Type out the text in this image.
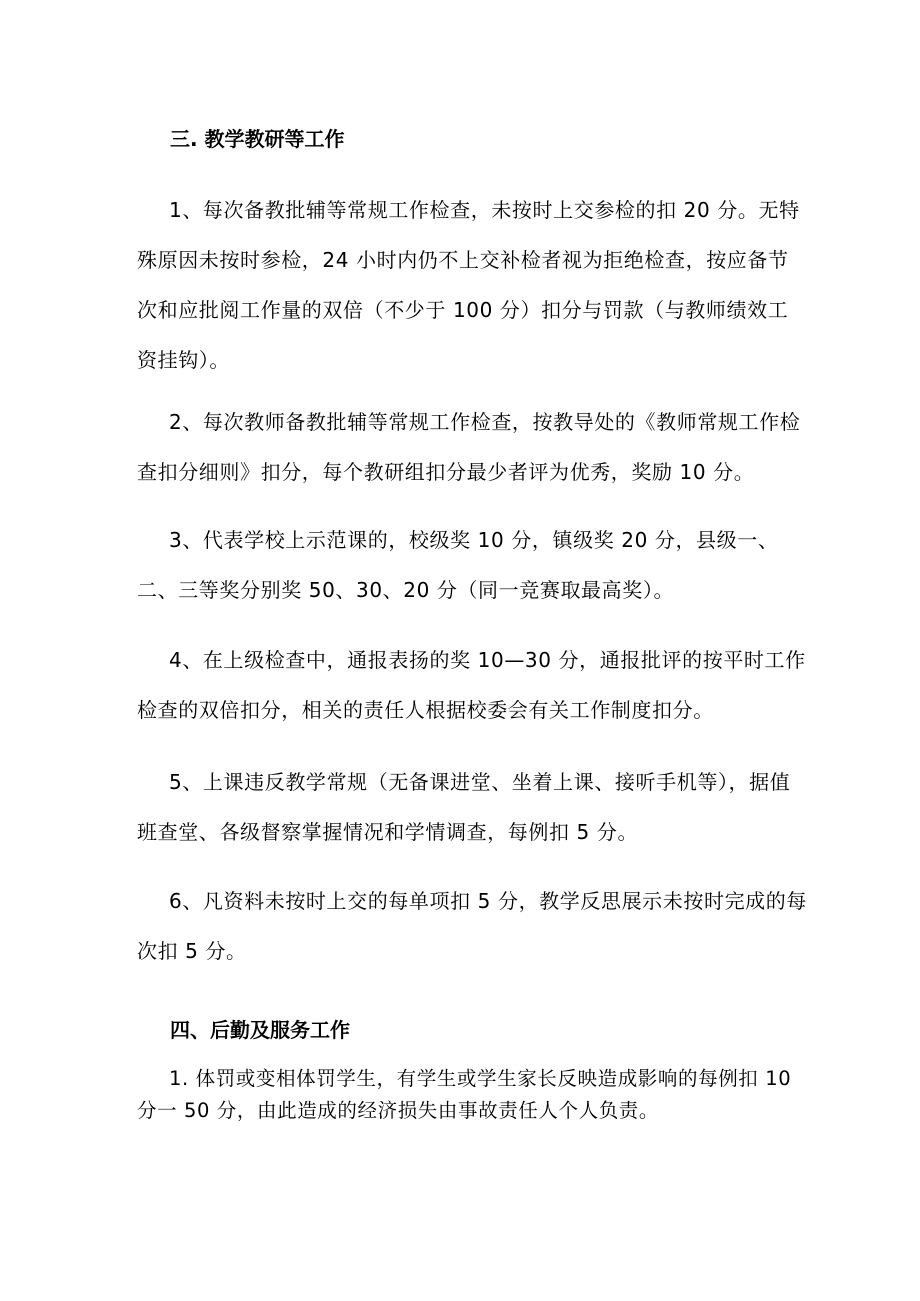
三. 教学教研等工作

1、每次备教批辅等常规工作检查，未按时上交参检的扣 20 分。无特殊原因未按时参检，24 小时内仍不上交补检者视为拒绝检查，按应备节次和应批阅工作量的双倍（不少于 100 分）扣分与罚款（与教师绩效工资挂钩）。

2、每次教师备教批辅等常规工作检查，按教导处的《教师常规工作检查扣分细则》扣分，每个教研组扣分最少者评为优秀，奖励 10 分。

3、代表学校上示范课的，校级奖 10 分，镇级奖 20 分，县级一、二、三等奖分别奖 50、30、20 分（同一竞赛取最高奖）。

4、在上级检查中，通报表扬的奖 10—30 分，通报批评的按平时工作检查的双倍扣分，相关的责任人根据校委会有关工作制度扣分。

5、上课违反教学常规（无备课进堂、坐着上课、接听手机等），据值班查堂、各级督察掌握情况和学情调查，每例扣 5 分。

6、凡资料未按时上交的每单项扣 5 分，教学反思展示未按时完成的每次扣 5 分。

四、后勤及服务工作

1. 体罚或变相体罚学生，有学生或学生家长反映造成影响的每例扣 10 分一 50 分，由此造成的经济损失由事故责任人个人负责。
